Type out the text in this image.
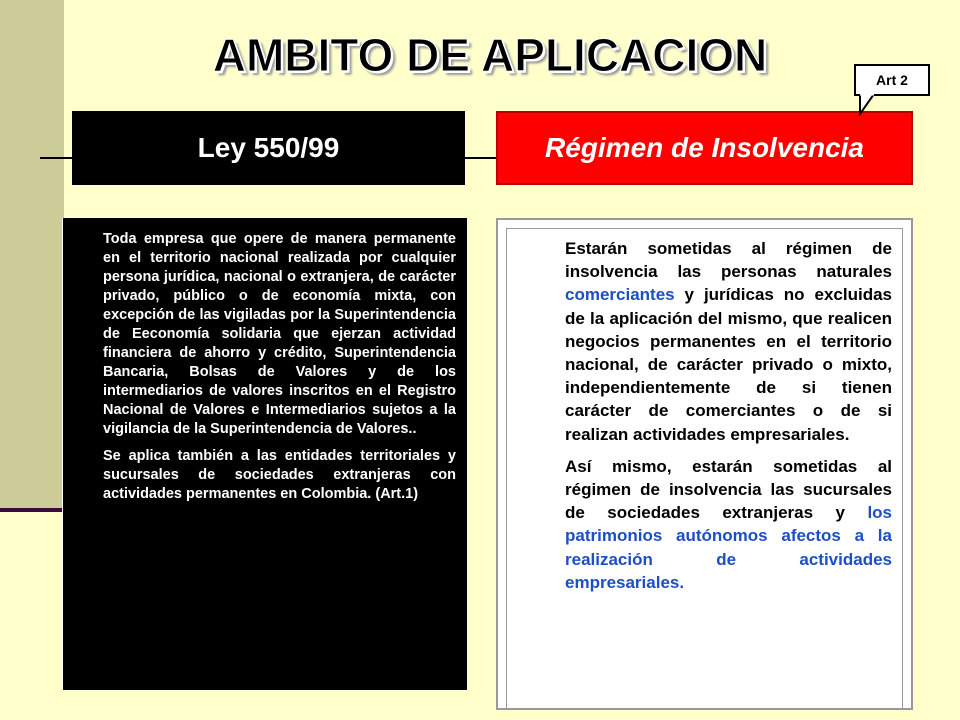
AMBITO DE APLICACION
Ley 550/99	Régimen de Insolvencia
Art 2

Toda empresa que opere de manera permanente en el territorio nacional realizada por cualquier persona jurídica, nacional o extranjera, de carácter privado, público o de economía mixta, con excepción de las vigiladas por la Superintendencia de Eeconomía solidaria que ejerzan actividad financiera de ahorro y crédito, Superintendencia Bancaria, Bolsas de Valores y de los intermediarios de valores inscritos en el Registro Nacional de Valores e Intermediarios sujetos a la vigilancia de la Superintendencia de Valores..

Se aplica también a las entidades territoriales y sucursales de sociedades extranjeras con actividades permanentes en Colombia. (Art.1)

Estarán sometidas al régimen de insolvencia las personas naturales comerciantes y jurídicas no excluidas de la aplicación del mismo, que realicen negocios permanentes en el territorio nacional, de carácter privado o mixto, independientemente de si tienen carácter de comerciantes o de si realizan actividades empresariales.

Así mismo, estarán sometidas al régimen de insolvencia las sucursales de sociedades extranjeras y los patrimonios autónomos afectos a la realización de actividades empresariales.
